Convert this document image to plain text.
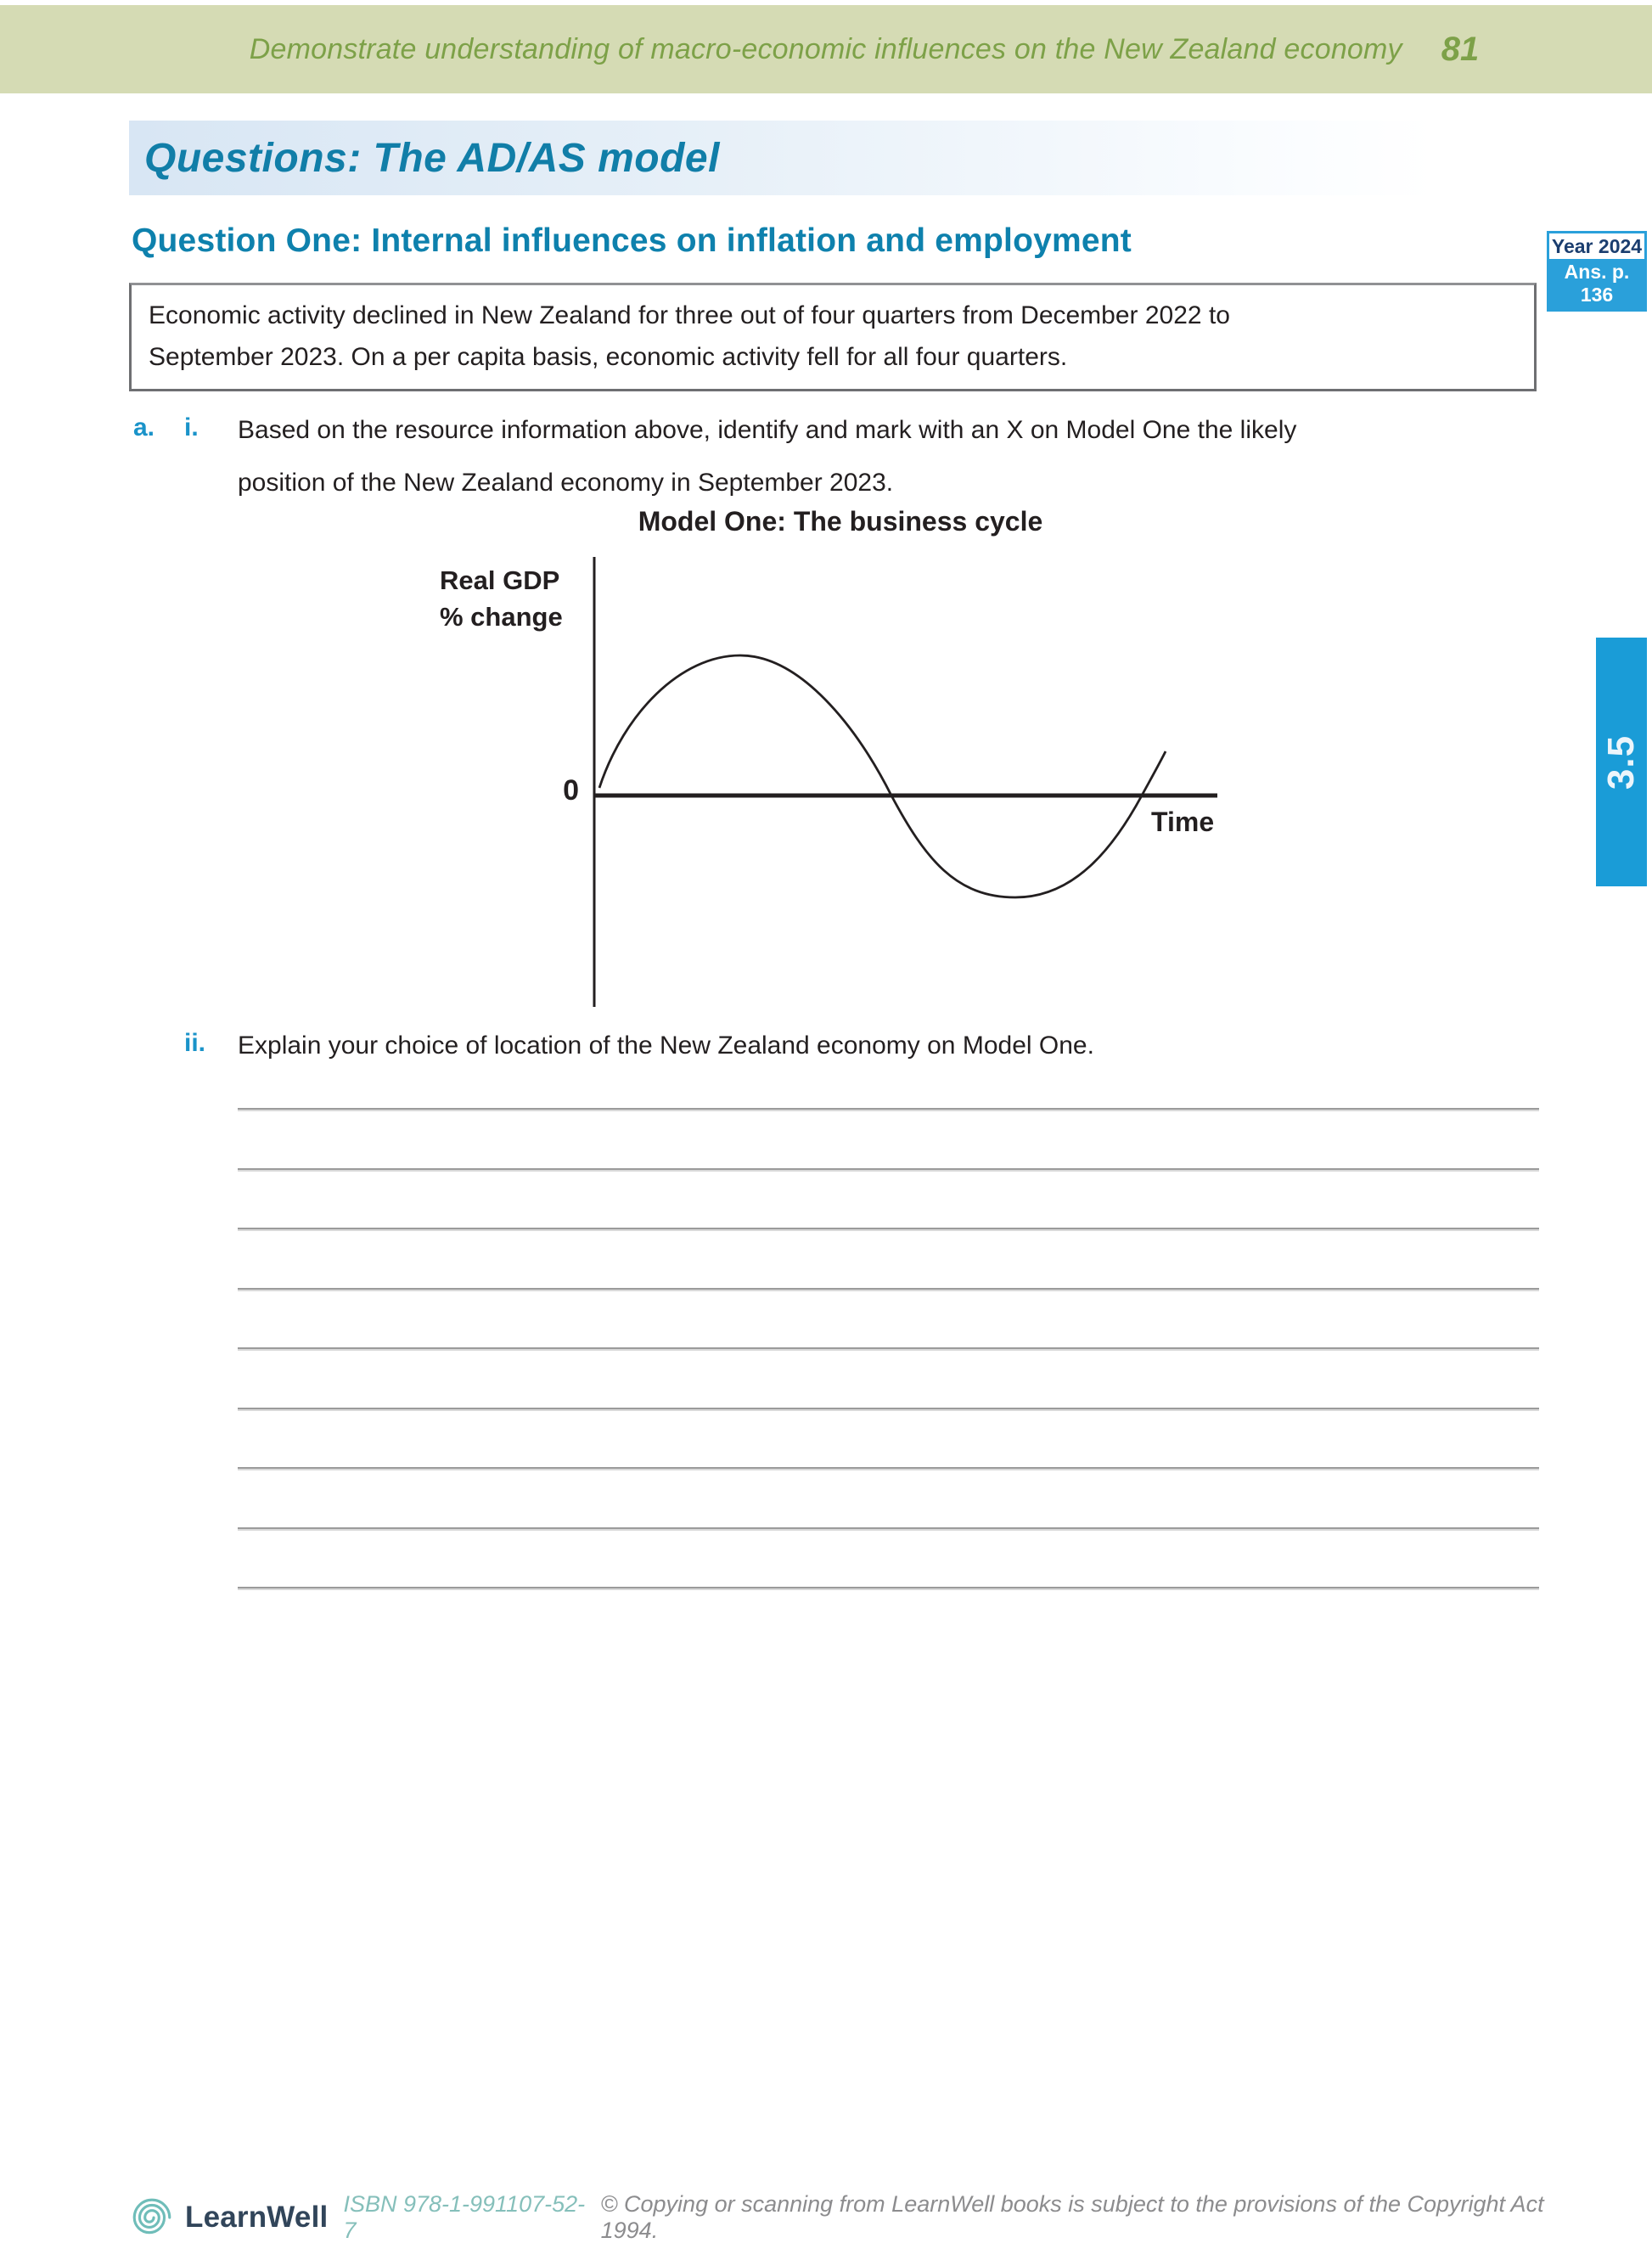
Demonstrate understanding of macro-economic influences on the New Zealand economy 81
Questions: The AD/AS model
Question One: Internal influences on inflation and employment	Year 2024
Ans. p. 136
Economic activity declined in New Zealand for three out of four quarters from December 2022 to
September 2023. On a per capita basis, economic activity fell for all four quarters.
a. i. Based on the resource information above, identify and mark with an X on Model One the likely
position of the New Zealand economy in September 2023.
Model One: The business cycle
Real GDP
% change
0
Time
ii. Explain your choice of location of the New Zealand economy on Model One.
3.5
LearnWell ISBN 978-1-991107-52-7
© Copying or scanning from LearnWell books is subject to the provisions of the Copyright Act 1994.
